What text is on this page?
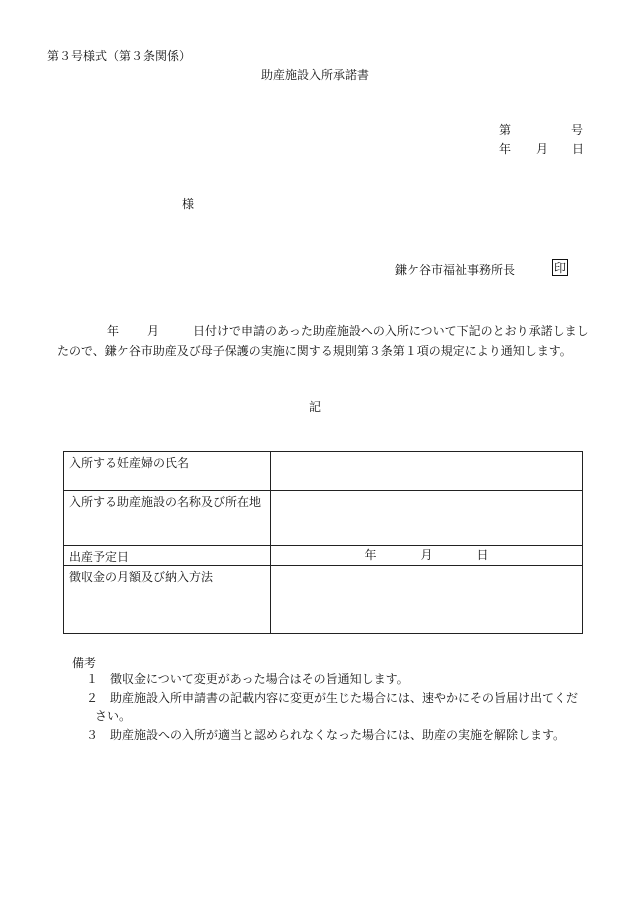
第３号様式（第３条関係）
助産施設入所承諾書
第	号
年 月 日
様
鎌ケ谷市福祉事務所長	印
年 月	日付けで申請のあった助産施設への入所について下記のとおり承諾しまし
たので、鎌ケ谷市助産及び母子保護の実施に関する規則第３条第１項の規定により通知します。
記
入所する妊産婦の氏名	
入所する助産施設の名称及び所在地	
出産予定日	年 月 日
徴収金の月額及び納入方法	
備考
１ 徴収金について変更があった場合はその旨通知します。
２ 助産施設入所申請書の記載内容に変更が生じた場合には、速やかにその旨届け出てくだ
さい。
３ 助産施設への入所が適当と認められなくなった場合には、助産の実施を解除します。
